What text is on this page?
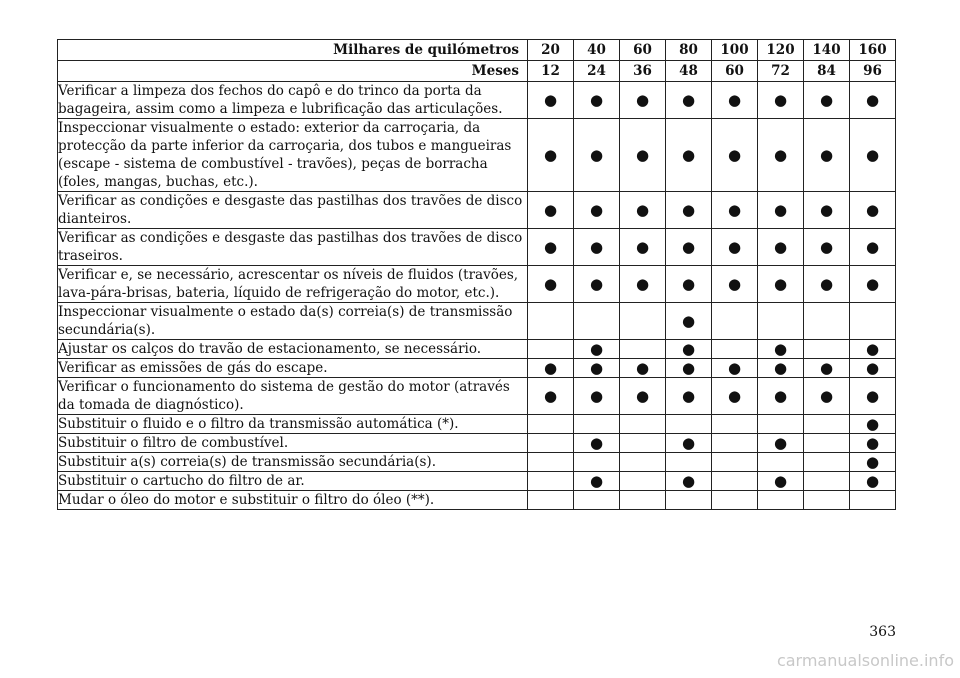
Milhares de quilómetros	20	40	60	80	100	120	140	160
Meses	12	24	36	48	60	72	84	96
Verificar a limpeza dos fechos do capô e do trinco da porta da bagageira, assim como a limpeza e lubrificação das articulações.	●	●	●	●	●	●	●	●
Inspeccionar visualmente o estado: exterior da carroçaria, da protecção da parte inferior da carroçaria, dos tubos e mangueiras (escape - sistema de combustível - travões), peças de borracha (foles, mangas, buchas, etc.).	●	●	●	●	●	●	●	●
Verificar as condições e desgaste das pastilhas dos travões de disco dianteiros.	●	●	●	●	●	●	●	●
Verificar as condições e desgaste das pastilhas dos travões de disco traseiros.	●	●	●	●	●	●	●	●
Verificar e, se necessário, acrescentar os níveis de fluidos (travões, lava-pára-brisas, bateria, líquido de refrigeração do motor, etc.).	●	●	●	●	●	●	●	●
Inspeccionar visualmente o estado da(s) correia(s) de transmissão secundária(s).				●				
Ajustar os calços do travão de estacionamento, se necessário.		●		●		●		●
Verificar as emissões de gás do escape.	●	●	●	●	●	●	●	●
Verificar o funcionamento do sistema de gestão do motor (através da tomada de diagnóstico).	●	●	●	●	●	●	●	●
Substituir o fluido e o filtro da transmissão automática (*).								●
Substituir o filtro de combustível.		●		●		●		●
Substituir a(s) correia(s) de transmissão secundária(s).								●
Substituir o cartucho do filtro de ar.		●		●		●		●
Mudar o óleo do motor e substituir o filtro do óleo (**).								
363
carmanualsonline.info
